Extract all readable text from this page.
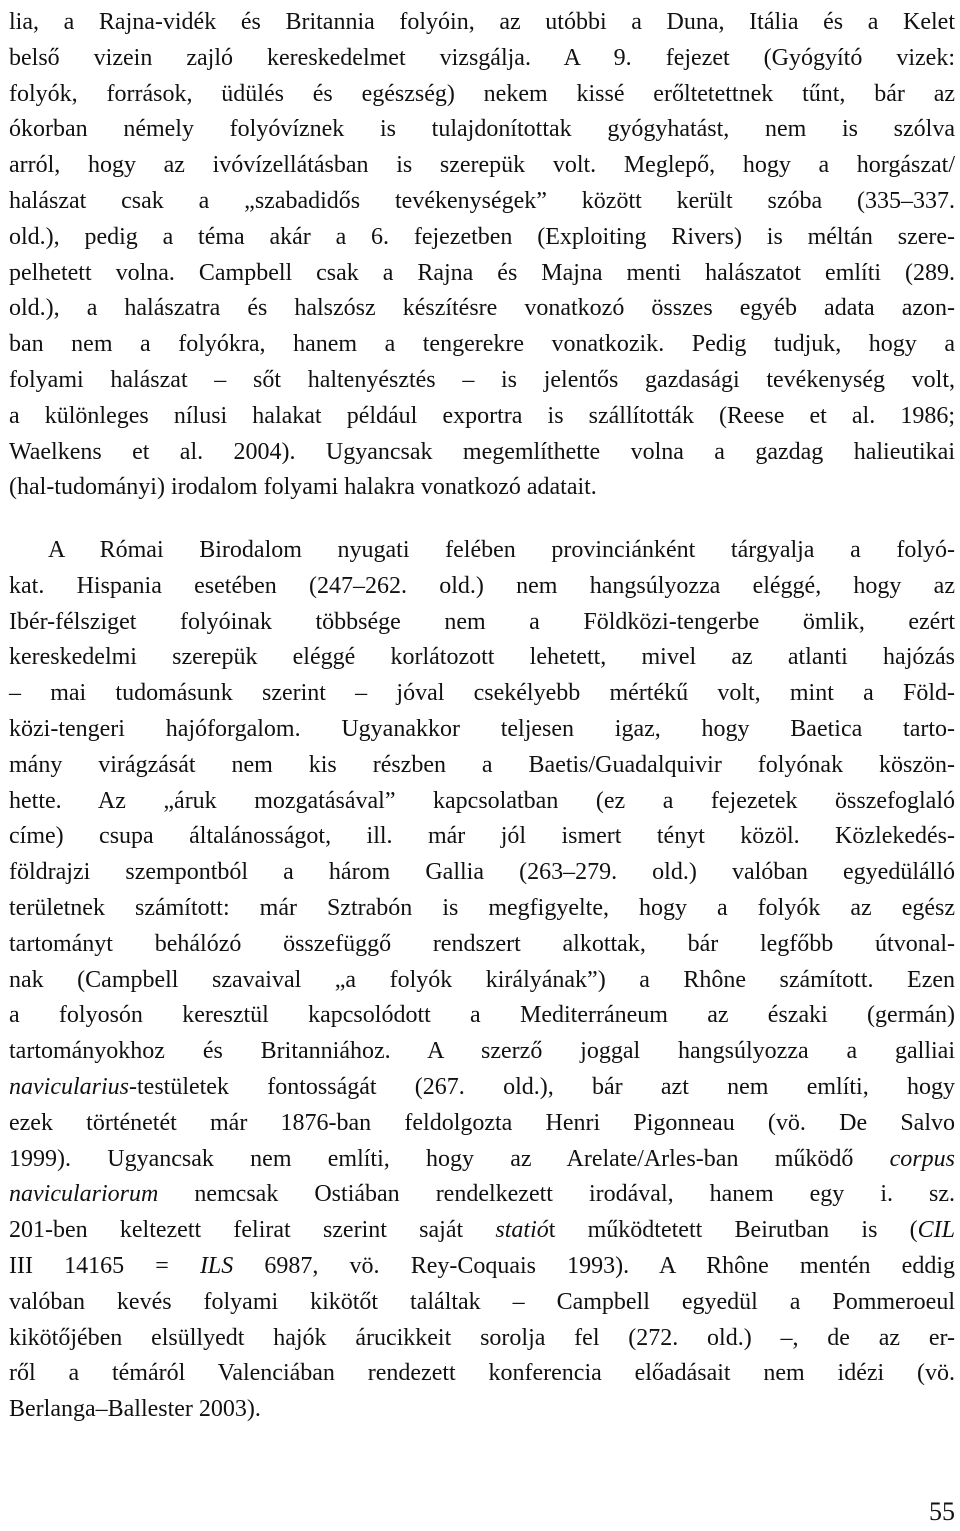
lia, a Rajna-vidék és Britannia folyóin, az utóbbi a Duna, Itália és a Kelet
belső vizein zajló kereskedelmet vizsgálja. A 9. fejezet (Gyógyító vizek:
folyók, források, üdülés és egészség) nekem kissé erőltetettnek tűnt, bár az
ókorban némely folyóvíznek is tulajdonítottak gyógyhatást, nem is szólva
arról, hogy az ivóvízellátásban is szerepük volt. Meglepő, hogy a horgászat/
halászat csak a „szabadidős tevékenységek” között került szóba (335–337.
old.), pedig a téma akár a 6. fejezetben (Exploiting Rivers) is méltán szere-
pelhetett volna. Campbell csak a Rajna és Majna menti halászatot említi (289.
old.), a halászatra és halszósz készítésre vonatkozó összes egyéb adata azon-
ban nem a folyókra, hanem a tengerekre vonatkozik. Pedig tudjuk, hogy a
folyami halászat – sőt haltenyésztés – is jelentős gazdasági tevékenység volt,
a különleges nílusi halakat például exportra is szállították (Reese et al. 1986;
Waelkens et al. 2004). Ugyancsak megemlíthette volna a gazdag halieutikai
(hal-tudományi) irodalom folyami halakra vonatkozó adatait.
A Római Birodalom nyugati felében provinciánként tárgyalja a folyó-
kat. Hispania esetében (247–262. old.) nem hangsúlyozza eléggé, hogy az
Ibér-félsziget folyóinak többsége nem a Földközi-tengerbe ömlik, ezért
kereskedelmi szerepük eléggé korlátozott lehetett, mivel az atlanti hajózás
– mai tudomásunk szerint – jóval csekélyebb mértékű volt, mint a Föld-
közi-tengeri hajóforgalom. Ugyanakkor teljesen igaz, hogy Baetica tarto-
mány virágzását nem kis részben a Baetis/Guadalquivir folyónak köszön-
hette. Az „áruk mozgatásával” kapcsolatban (ez a fejezetek összefoglaló
címe) csupa általánosságot, ill. már jól ismert tényt közöl. Közlekedés-
földrajzi szempontból a három Gallia (263–279. old.) valóban egyedülálló
területnek számított: már Sztrabón is megfigyelte, hogy a folyók az egész
tartományt behálózó összefüggő rendszert alkottak, bár legfőbb útvonal-
nak (Campbell szavaival „a folyók királyának”) a Rhône számított. Ezen
a folyosón keresztül kapcsolódott a Mediterráneum az északi (germán)
tartományokhoz és Britanniához. A szerző joggal hangsúlyozza a galliai
navicularius-testületek fontosságát (267. old.), bár azt nem említi, hogy
ezek történetét már 1876-ban feldolgozta Henri Pigonneau (vö. De Salvo
1999). Ugyancsak nem említi, hogy az Arelate/Arles-ban működő corpus
naviculariorum nemcsak Ostiában rendelkezett irodával, hanem egy i. sz.
201-ben keltezett felirat szerint saját statiót működtetett Beirutban is (CIL
III 14165 = ILS 6987, vö. Rey-Coquais 1993). A Rhône mentén eddig
valóban kevés folyami kikötőt találtak – Campbell egyedül a Pommeroeul
kikötőjében elsüllyedt hajók árucikkeit sorolja fel (272. old.) –, de az er-
ről a témáról Valenciában rendezett konferencia előadásait nem idézi (vö.
Berlanga–Ballester 2003).
55
